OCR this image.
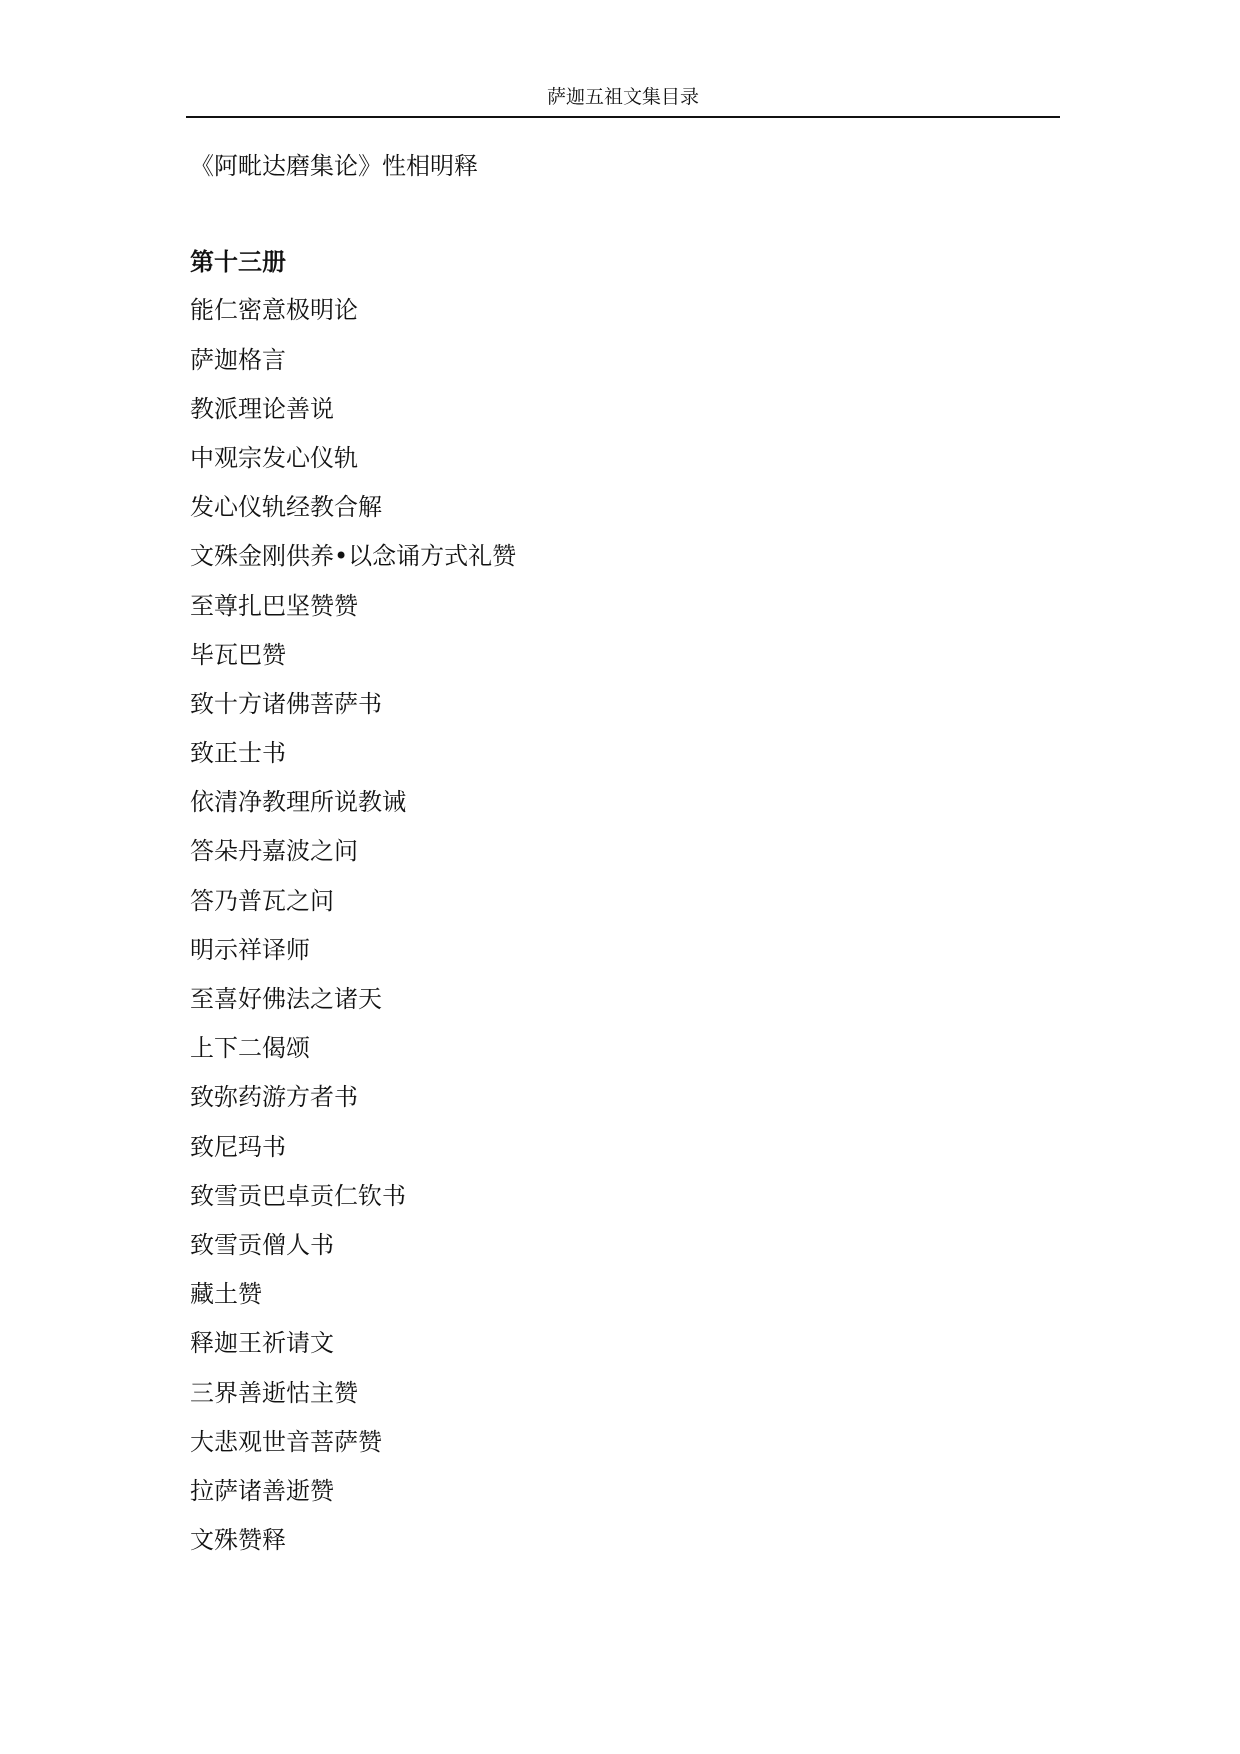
萨迦五祖文集目录
《阿毗达磨集论》性相明释
第十三册
能仁密意极明论
萨迦格言
教派理论善说
中观宗发心仪轨
发心仪轨经教合解
文殊金刚供养•以念诵方式礼赞
至尊扎巴坚赞赞
毕瓦巴赞
致十方诸佛菩萨书
致正士书
依清净教理所说教诫
答朵丹嘉波之问
答乃普瓦之问
明示祥译师
至喜好佛法之诸天
上下二偈颂
致弥药游方者书
致尼玛书
致雪贡巴卓贡仁钦书
致雪贡僧人书
藏土赞
释迦王祈请文
三界善逝怙主赞
大悲观世音菩萨赞
拉萨诸善逝赞
文殊赞释
